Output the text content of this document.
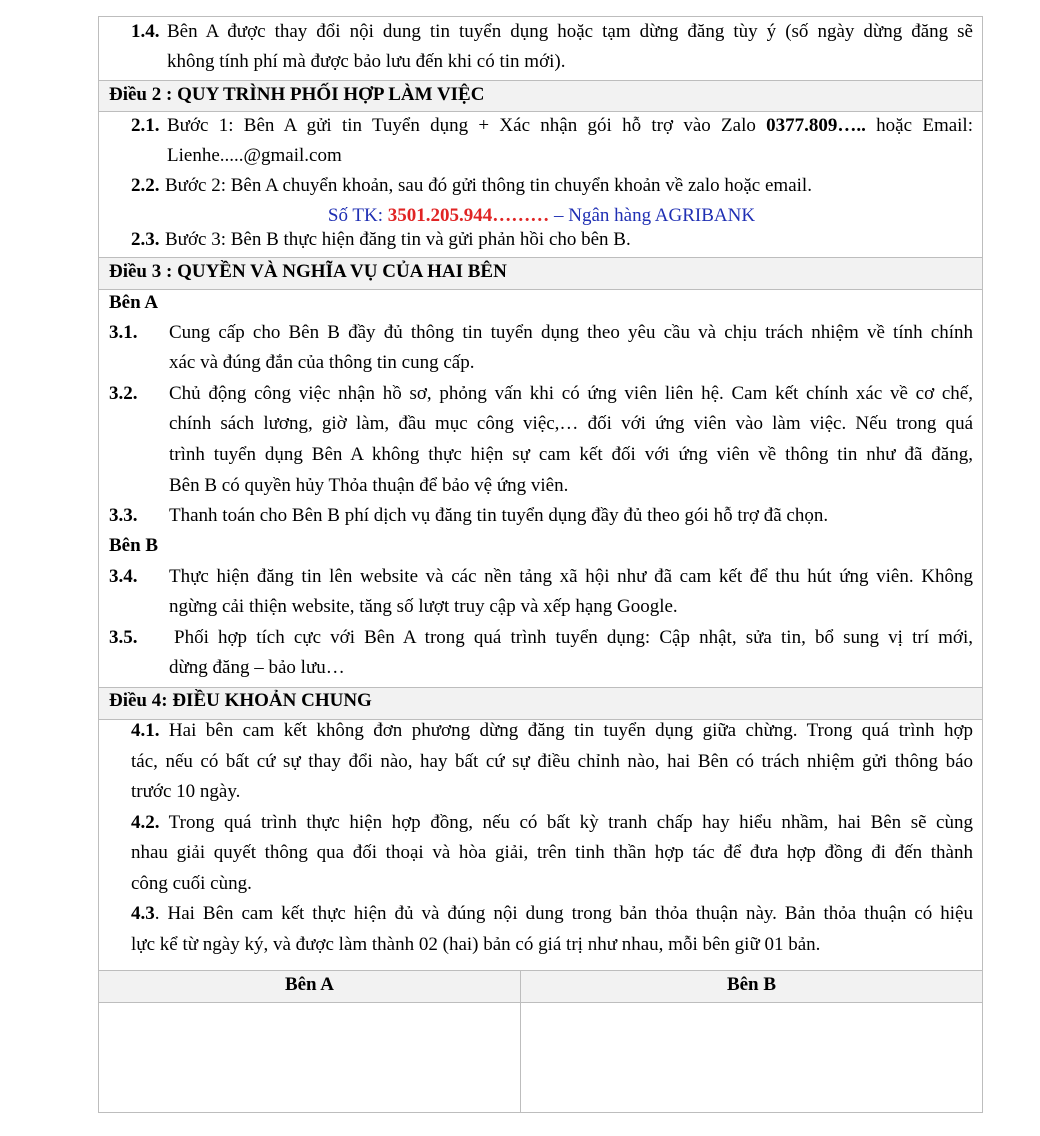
1.4. Bên A được thay đổi nội dung tin tuyển dụng hoặc tạm dừng đăng tùy ý (số ngày dừng đăng sẽ
không tính phí mà được bảo lưu đến khi có tin mới).
Điều 2 : QUY TRÌNH PHỐI HỢP LÀM VIỆC
2.1. Bước 1: Bên A gửi tin Tuyển dụng + Xác nhận gói hỗ trợ vào Zalo 0377.809….. hoặc Email:
Lienhe.....@gmail.com
2.2. Bước 2: Bên A chuyển khoản, sau đó gửi thông tin chuyển khoản về zalo hoặc email.
Số TK: 3501.205.944……… – Ngân hàng AGRIBANK
2.3. Bước 3: Bên B thực hiện đăng tin và gửi phản hồi cho bên B.
Điều 3 : QUYỀN VÀ NGHĨA VỤ CỦA HAI BÊN
Bên A
3.1. Cung cấp cho Bên B đầy đủ thông tin tuyển dụng theo yêu cầu và chịu trách nhiệm về tính chính
xác và đúng đắn của thông tin cung cấp.
3.2. Chủ động công việc nhận hồ sơ, phỏng vấn khi có ứng viên liên hệ. Cam kết chính xác về cơ chế,
chính sách lương, giờ làm, đầu mục công việc,… đối với ứng viên vào làm việc. Nếu trong quá
trình tuyển dụng Bên A không thực hiện sự cam kết đối với ứng viên về thông tin như đã đăng,
Bên B có quyền hủy Thỏa thuận để bảo vệ ứng viên.
3.3. Thanh toán cho Bên B phí dịch vụ đăng tin tuyển dụng đầy đủ theo gói hỗ trợ đã chọn.
Bên B
3.4. Thực hiện đăng tin lên website và các nền tảng xã hội như đã cam kết để thu hút ứng viên. Không
ngừng cải thiện website, tăng số lượt truy cập và xếp hạng Google.
3.5. Phối hợp tích cực với Bên A trong quá trình tuyển dụng: Cập nhật, sửa tin, bổ sung vị trí mới,
dừng đăng – bảo lưu…
Điều 4: ĐIỀU KHOẢN CHUNG
4.1. Hai bên cam kết không đơn phương dừng đăng tin tuyển dụng giữa chừng. Trong quá trình hợp
tác, nếu có bất cứ sự thay đổi nào, hay bất cứ sự điều chỉnh nào, hai Bên có trách nhiệm gửi thông báo
trước 10 ngày.
4.2. Trong quá trình thực hiện hợp đồng, nếu có bất kỳ tranh chấp hay hiểu nhầm, hai Bên sẽ cùng
nhau giải quyết thông qua đối thoại và hòa giải, trên tinh thần hợp tác để đưa hợp đồng đi đến thành
công cuối cùng.
4.3. Hai Bên cam kết thực hiện đủ và đúng nội dung trong bản thỏa thuận này. Bản thỏa thuận có hiệu
lực kể từ ngày ký, và được làm thành 02 (hai) bản có giá trị như nhau, mỗi bên giữ 01 bản.
Bên A	Bên B
